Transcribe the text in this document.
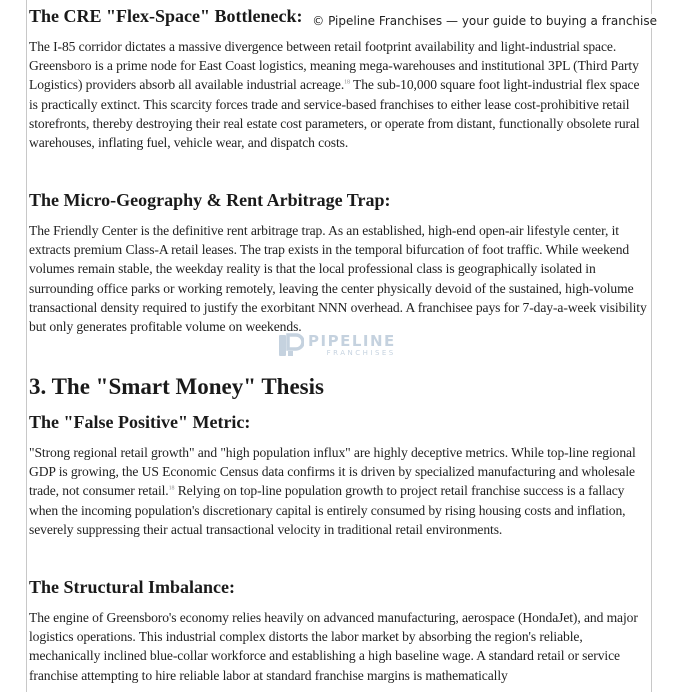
The CRE "Flex-Space" Bottleneck:

The I-85 corridor dictates a massive divergence between retail footprint availability and light-industrial space. Greensboro is a prime node for East Coast logistics, meaning mega-warehouses and institutional 3PL (Third Party Logistics) providers absorb all available industrial acreage.$^{18}$ The sub-10,000 square foot light-industrial flex space is practically extinct. This scarcity forces trade and service-based franchises to either lease cost-prohibitive retail storefronts, thereby destroying their real estate cost parameters, or operate from distant, functionally obsolete rural warehouses, inflating fuel, vehicle wear, and dispatch costs.

The Micro-Geography & Rent Arbitrage Trap:

The Friendly Center is the definitive rent arbitrage trap. As an established, high-end open-air lifestyle center, it extracts premium Class-A retail leases. The trap exists in the temporal bifurcation of foot traffic. While weekend volumes remain stable, the weekday reality is that the local professional class is geographically isolated in surrounding office parks or working remotely, leaving the center physically devoid of the sustained, high-volume transactional density required to justify the exorbitant NNN overhead. A franchisee pays for 7-day-a-week visibility but only generates profitable volume on weekends.

3. The "Smart Money" Thesis
The "False Positive" Metric:

"Strong regional retail growth" and "high population influx" are highly deceptive metrics. While top-line regional GDP is growing, the US Economic Census data confirms it is driven by specialized manufacturing and wholesale trade, not consumer retail.$^{18}$ Relying on top-line population growth to project retail franchise success is a fallacy when the incoming population's discretionary capital is entirely consumed by rising housing costs and inflation, severely suppressing their actual transactional velocity in traditional retail environments.

The Structural Imbalance:

The engine of Greensboro's economy relies heavily on advanced manufacturing, aerospace (HondaJet), and major logistics operations. This industrial complex distorts the labor market by absorbing the region's reliable, mechanically inclined blue-collar workforce and establishing a high baseline wage. A standard retail or service franchise attempting to hire reliable labor at standard franchise margins is mathematically

© Pipeline Franchises — your guide to buying a franchise
PIPELINE
FRANCHISES
